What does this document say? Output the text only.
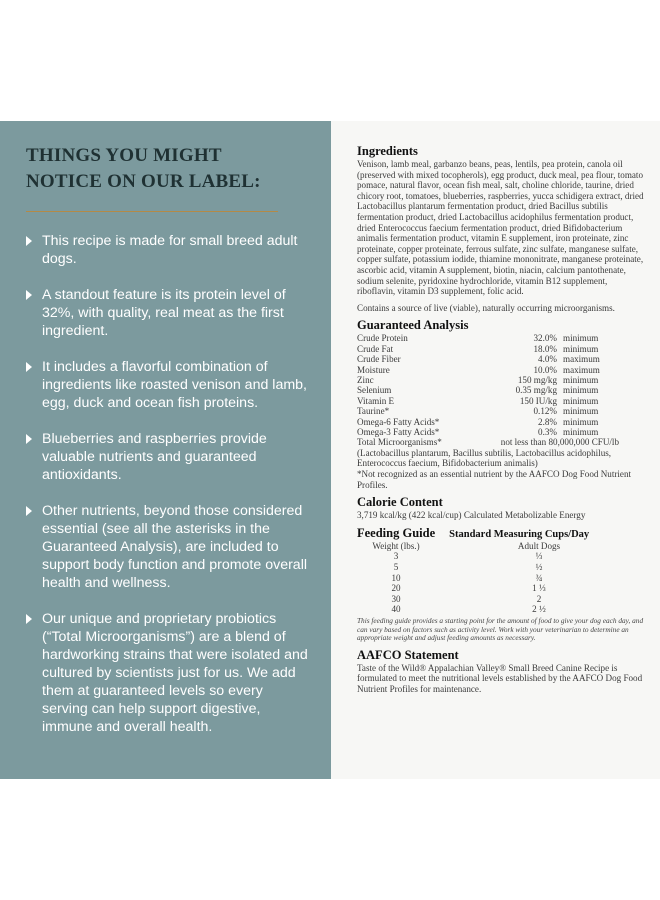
THINGS YOU MIGHT NOTICE ON OUR LABEL:
This recipe is made for small breed adult dogs.
A standout feature is its protein level of 32%, with quality, real meat as the first ingredient.
It includes a flavorful combination of ingredients like roasted venison and lamb, egg, duck and ocean fish proteins.
Blueberries and raspberries provide valuable nutrients and guaranteed antioxidants.
Other nutrients, beyond those considered essential (see all the asterisks in the Guaranteed Analysis), are included to support body function and promote overall health and wellness.
Our unique and proprietary probiotics (“Total Microorganisms”) are a blend of hardworking strains that were isolated and cultured by scientists just for us. We add them at guaranteed levels so every serving can help support digestive, immune and overall health.
Ingredients

Venison, lamb meal, garbanzo beans, peas, lentils, pea protein, canola oil (preserved with mixed tocopherols), egg product, duck meal, pea flour, tomato pomace, natural flavor, ocean fish meal, salt, choline chloride, taurine, dried chicory root, tomatoes, blueberries, raspberries, yucca schidigera extract, dried Lactobacillus plantarum fermentation product, dried Bacillus subtilis fermentation product, dried Lactobacillus acidophilus fermentation product, dried Enterococcus faecium fermentation product, dried Bifidobacterium animalis fermentation product, vitamin E supplement, iron proteinate, zinc proteinate, copper proteinate, ferrous sulfate, zinc sulfate, manganese sulfate, copper sulfate, potassium iodide, thiamine mononitrate, manganese proteinate, ascorbic acid, vitamin A supplement, biotin, niacin, calcium pantothenate, sodium selenite, pyridoxine hydrochloride, vitamin B12 supplement, riboflavin, vitamin D3 supplement, folic acid.

Contains a source of live (viable), naturally occurring microorganisms.

Guaranteed Analysis
Crude Protein	32.0%	minimum
Crude Fat	18.0%	minimum
Crude Fiber	4.0%	maximum
Moisture	10.0%	maximum
Zinc	150 mg/kg	minimum
Selenium	0.35 mg/kg	minimum
Vitamin E	150 IU/kg	minimum
Taurine*	0.12%	minimum
Omega-6 Fatty Acids*	2.8%	minimum
Omega-3 Fatty Acids*	0.3%	minimum
Total Microorganisms*	not less than 80,000,000 CFU/lb

(Lactobacillus plantarum, Bacillus subtilis, Lactobacillus acidophilus, Enterococcus faecium, Bifidobacterium animalis)

*Not recognized as an essential nutrient by the AAFCO Dog Food Nutrient Profiles.

Calorie Content

3,719 kcal/kg (422 kcal/cup) Calculated Metabolizable Energy

Feeding Guide Standard Measuring Cups/Day
Weight (lbs.)	Adult Dogs
3	⅓
5	½
10	¾
20	1 ⅓
30	2
40	2 ½

This feeding guide provides a starting point for the amount of food to give your dog each day, and can vary based on factors such as activity level. Work with your veterinarian to determine an appropriate weight and adjust feeding amounts as necessary.

AAFCO Statement

Taste of the Wild® Appalachian Valley® Small Breed Canine Recipe is formulated to meet the nutritional levels established by the AAFCO Dog Food Nutrient Profiles for maintenance.
